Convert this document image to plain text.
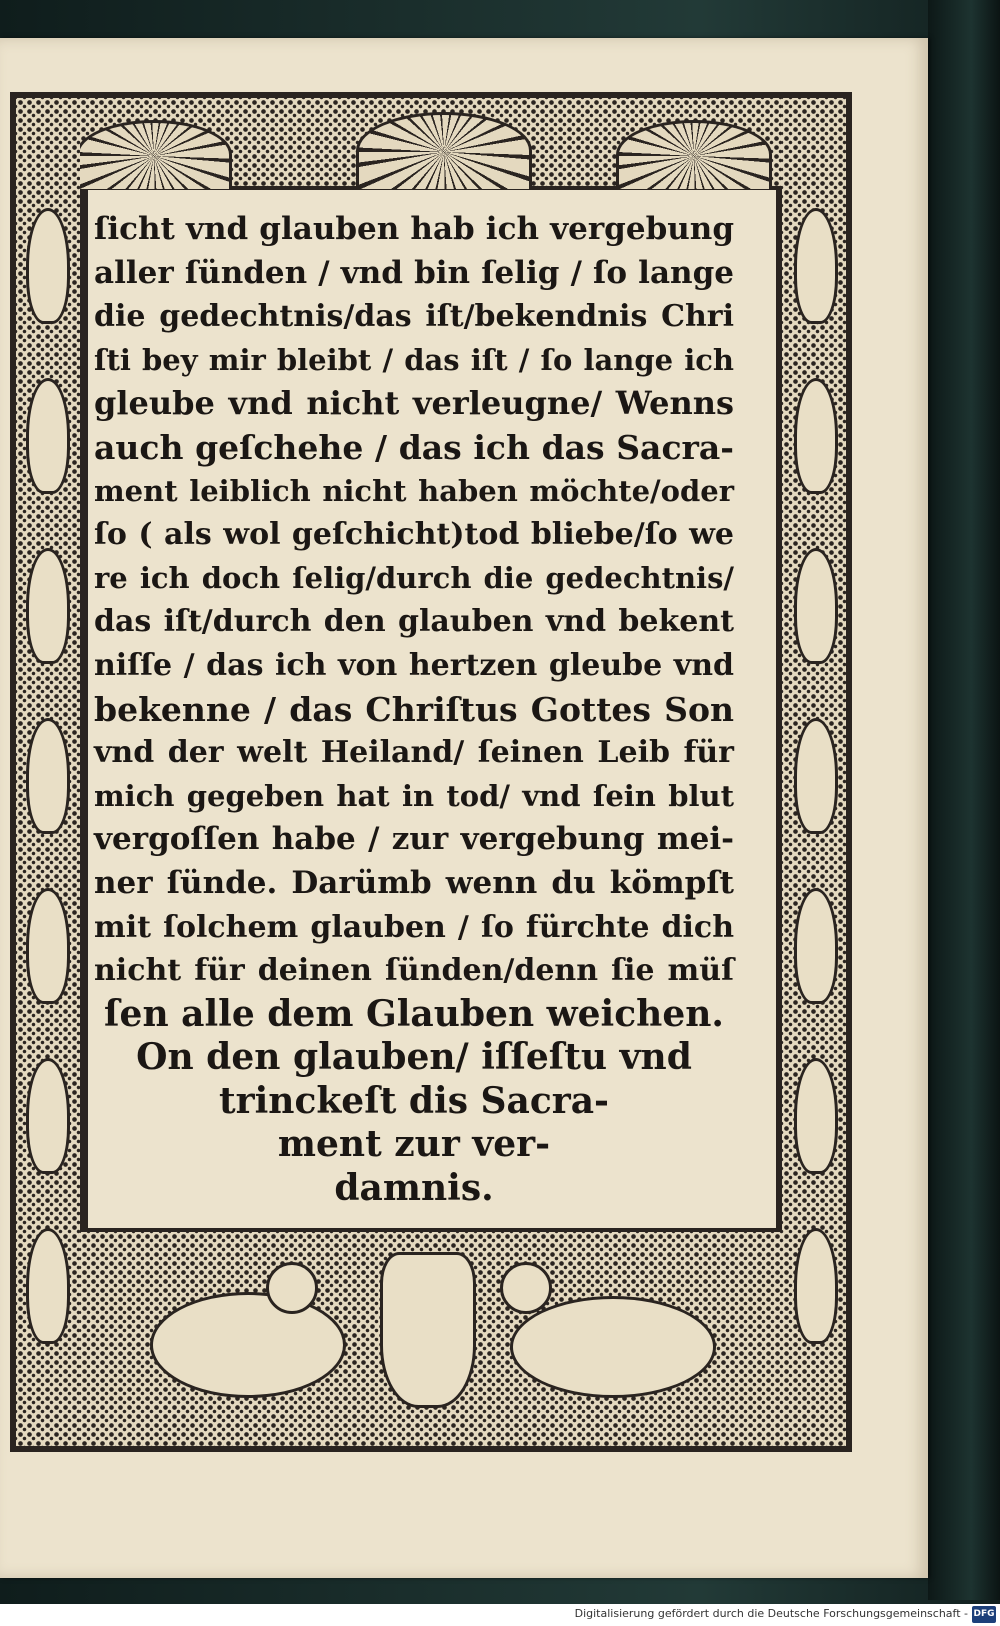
ſicht vnd glauben hab ich vergebung
aller ſünden / vnd bin ſelig / ſo lange
die gedechtnis/das iſt/bekendnis Chri
ſti bey mir bleibt / das iſt / ſo lange ich
gleube vnd nicht verleugne/ Wenns
auch geſchehe / das ich das Sacra-
ment leiblich nicht haben möchte/oder
ſo ( als wol geſchicht)tod bliebe/ſo we
re ich doch ſelig/durch die gedechtnis/
das iſt/durch den glauben vnd bekent
niſſe / das ich von hertzen gleube vnd
bekenne / das Chriſtus Gottes Son
vnd der welt Heiland/ ſeinen Leib für
mich gegeben hat in tod/ vnd ſein blut
vergoſſen habe / zur vergebung mei-
ner ſünde. Darümb wenn du kömpſt
mit ſolchem glauben / ſo fürchte dich
nicht für deinen ſünden/denn ſie müſ
ſen alle dem Glauben weichen.
On den glauben/ iſſeſtu vnd
trinckeſt dis Sacra-
ment zur ver-
damnis.
Digitalisierung gefördert durch die Deutsche Forschungsgemeinschaft - DFG
